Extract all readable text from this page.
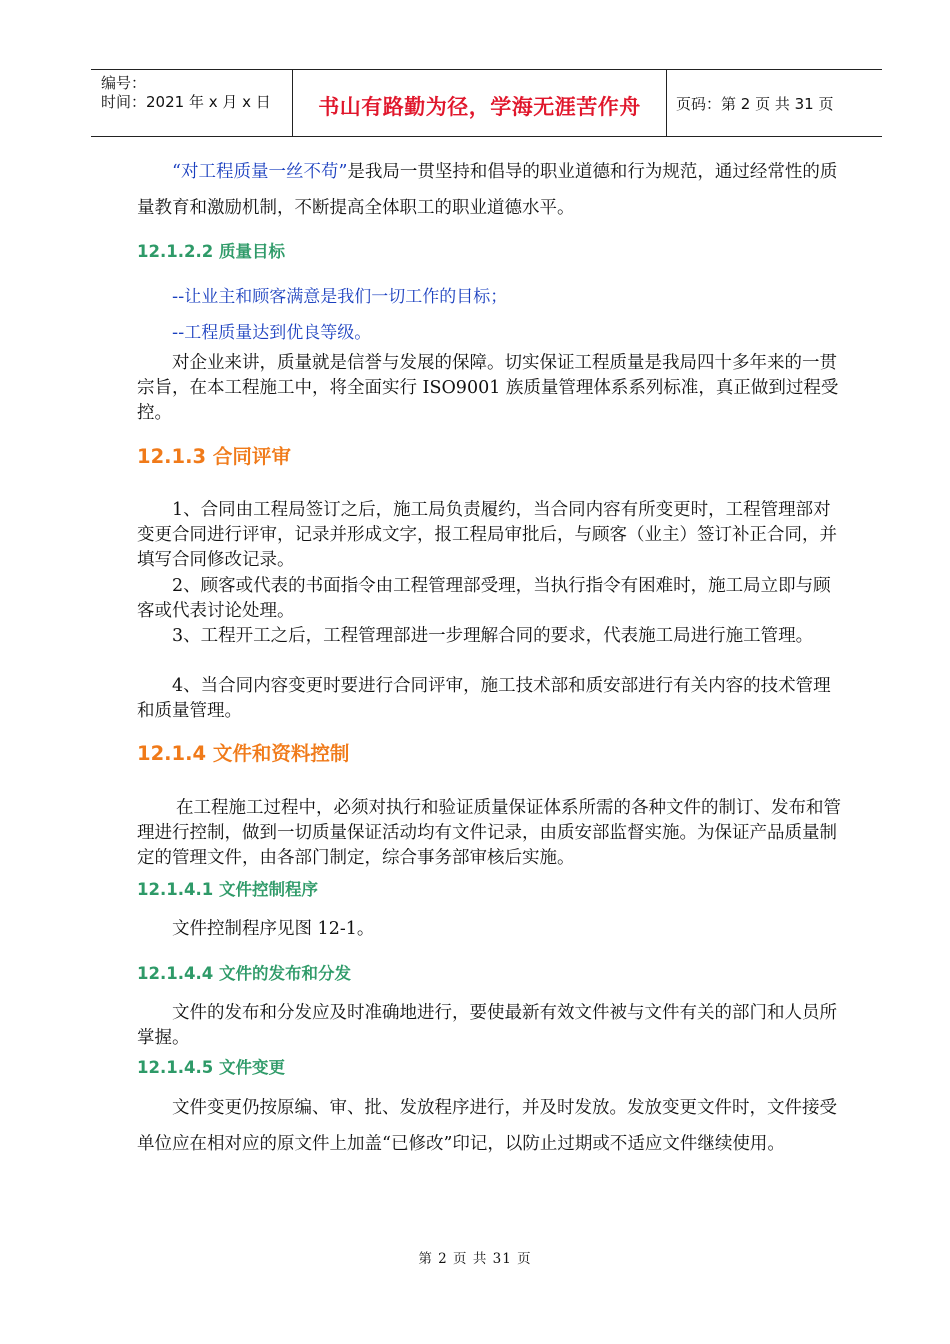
编号：
时间：2021 年 x 月 x 日	书山有路勤为径，学海无涯苦作舟	页码：第 2 页 共 31 页

“对工程质量一丝不苟”是我局一贯坚持和倡导的职业道德和行为规范，通过经常性的质量教育和激励机制，不断提高全体职工的职业道德水平。

12.1.2.2 质量目标
--让业主和顾客满意是我们一切工作的目标；
--工程质量达到优良等级。

对企业来讲，质量就是信誉与发展的保障。切实保证工程质量是我局四十多年来的一贯宗旨，在本工程施工中，将全面实行 ISO9001 族质量管理体系系列标准，真正做到过程受控。

12.1.3 合同评审

1、合同由工程局签订之后，施工局负责履约，当合同内容有所变更时，工程管理部对变更合同进行评审，记录并形成文字，报工程局审批后，与顾客（业主）签订补正合同，并填写合同修改记录。

2、顾客或代表的书面指令由工程管理部受理，当执行指令有困难时，施工局立即与顾客或代表讨论处理。

3、工程开工之后，工程管理部进一步理解合同的要求，代表施工局进行施工管理。

4、当合同内容变更时要进行合同评审，施工技术部和质安部进行有关内容的技术管理和质量管理。

12.1.4 文件和资料控制

在工程施工过程中，必须对执行和验证质量保证体系所需的各种文件的制订、发布和管理进行控制，做到一切质量保证活动均有文件记录，由质安部监督实施。为保证产品质量制定的管理文件，由各部门制定，综合事务部审核后实施。

12.1.4.1 文件控制程序

文件控制程序见图 12-1。

12.1.4.4 文件的发布和分发

文件的发布和分发应及时准确地进行，要使最新有效文件被与文件有关的部门和人员所掌握。

12.1.4.5 文件变更

文件变更仍按原编、审、批、发放程序进行，并及时发放。发放变更文件时，文件接受单位应在相对应的原文件上加盖“已修改”印记，以防止过期或不适应文件继续使用。

第 2 页 共 31 页
